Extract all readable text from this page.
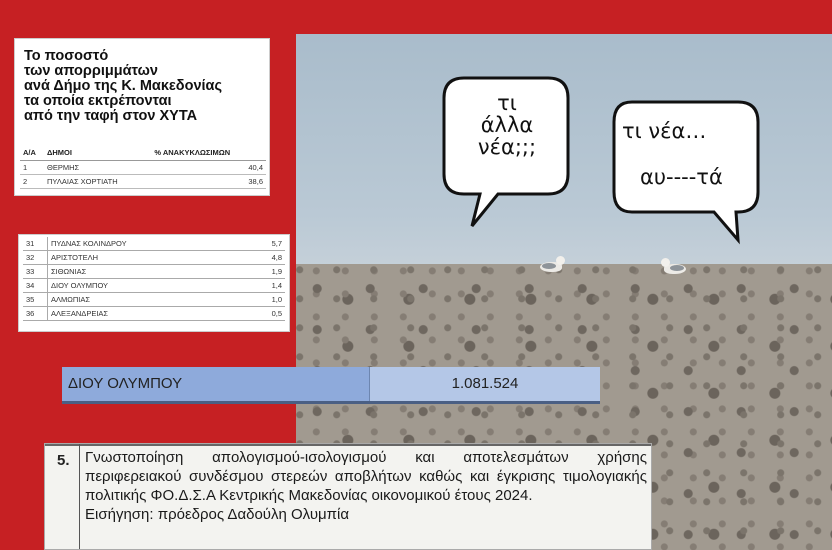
τι
άλλα
νέα;;;
τι νέα…
αυ----τά
Το ποσοστό
των απορριμμάτων
ανά Δήμο της Κ. Μακεδονίας
τα οποία εκτρέπονται
από την ταφή στον ΧΥΤΑ
Α/Α	ΔΗΜΟΙ	% ΑΝΑΚΥΚΛΩΣΙΜΩΝ
1	ΘΕΡΜΗΣ	40,4
2	ΠΥΛΑΙΑΣ ΧΟΡΤΙΑΤΗ	38,6
31	ΠΥΔΝΑΣ ΚΟΛΙΝΔΡΟΥ	5,7
32	ΑΡΙΣΤΟΤΕΛΗ	4,8
33	ΣΙΘΩΝΙΑΣ	1,9
34	ΔΙΟΥ ΟΛΥΜΠΟΥ	1,4
35	ΑΛΜΩΠΙΑΣ	1,0
36	ΑΛΕΞΑΝΔΡΕΙΑΣ	0,5
ΔΙΟΥ ΟΛΥΜΠΟΥ	1.081.524
5. Γνωστοποίηση απολογισμού-ισολογισμού και αποτελεσμάτων χρήσης περιφερειακού συνδέσμου στερεών αποβλήτων καθώς και έγκρισης τιμολογιακής πολιτικής ΦΟ.Δ.Σ.Α Κεντρικής Μακεδονίας οικονομικού έτους 2024.
Εισήγηση: πρόεδρος Δαδούλη Ολυμπία
